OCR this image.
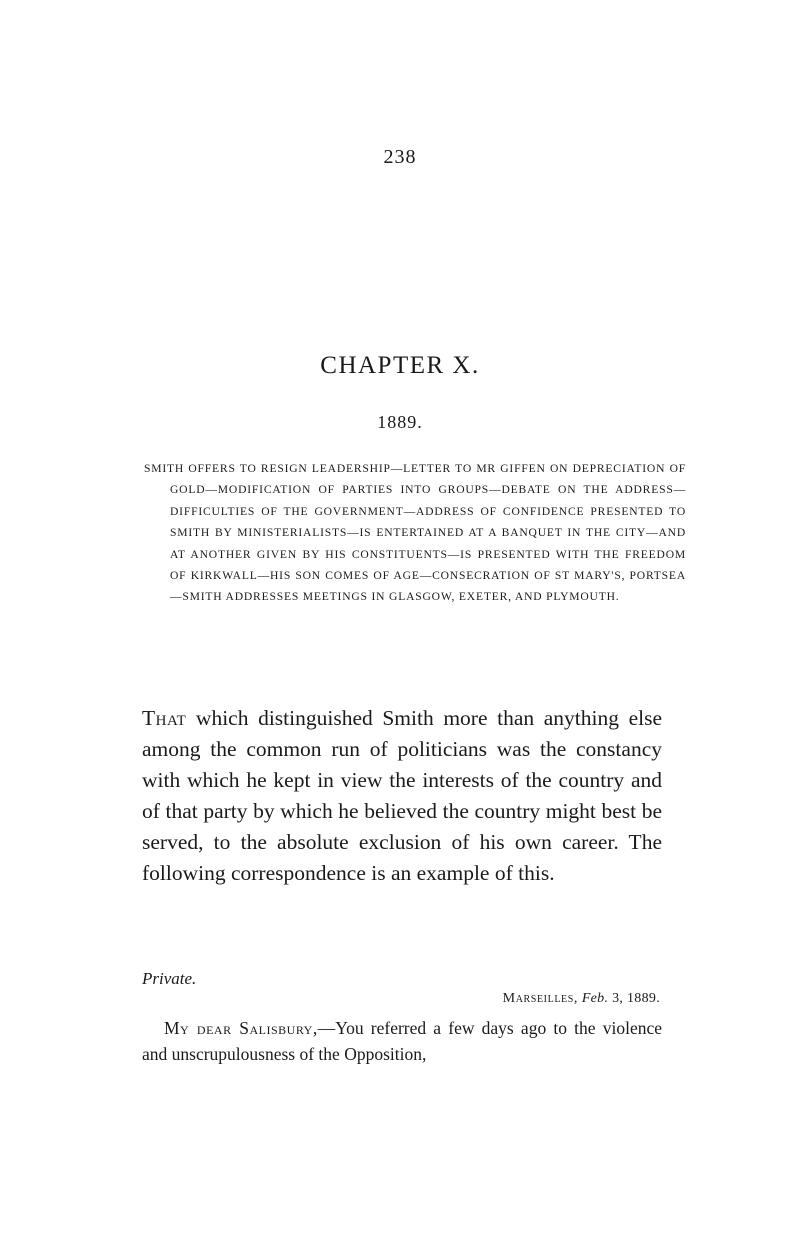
238
CHAPTER X.
1889.

SMITH OFFERS TO RESIGN LEADERSHIP—LETTER TO MR GIFFEN ON DEPRECIATION OF GOLD—MODIFICATION OF PARTIES INTO GROUPS—DEBATE ON THE ADDRESS—DIFFICULTIES OF THE GOVERNMENT—ADDRESS OF CONFIDENCE PRESENTED TO SMITH BY MINISTERIALISTS—IS ENTERTAINED AT A BANQUET IN THE CITY—AND AT ANOTHER GIVEN BY HIS CONSTITUENTS—IS PRESENTED WITH THE FREEDOM OF KIRKWALL—HIS SON COMES OF AGE—CONSECRATION OF ST MARY'S, PORTSEA—SMITH ADDRESSES MEETINGS IN GLASGOW, EXETER, AND PLYMOUTH.

That which distinguished Smith more than anything else among the common run of politicians was the constancy with which he kept in view the interests of the country and of that party by which he believed the country might best be served, to the absolute exclusion of his own career. The following correspondence is an example of this.

Private.
Marseilles, Feb. 3, 1889.

My dear Salisbury,—You referred a few days ago to the violence and unscrupulousness of the Opposition,
